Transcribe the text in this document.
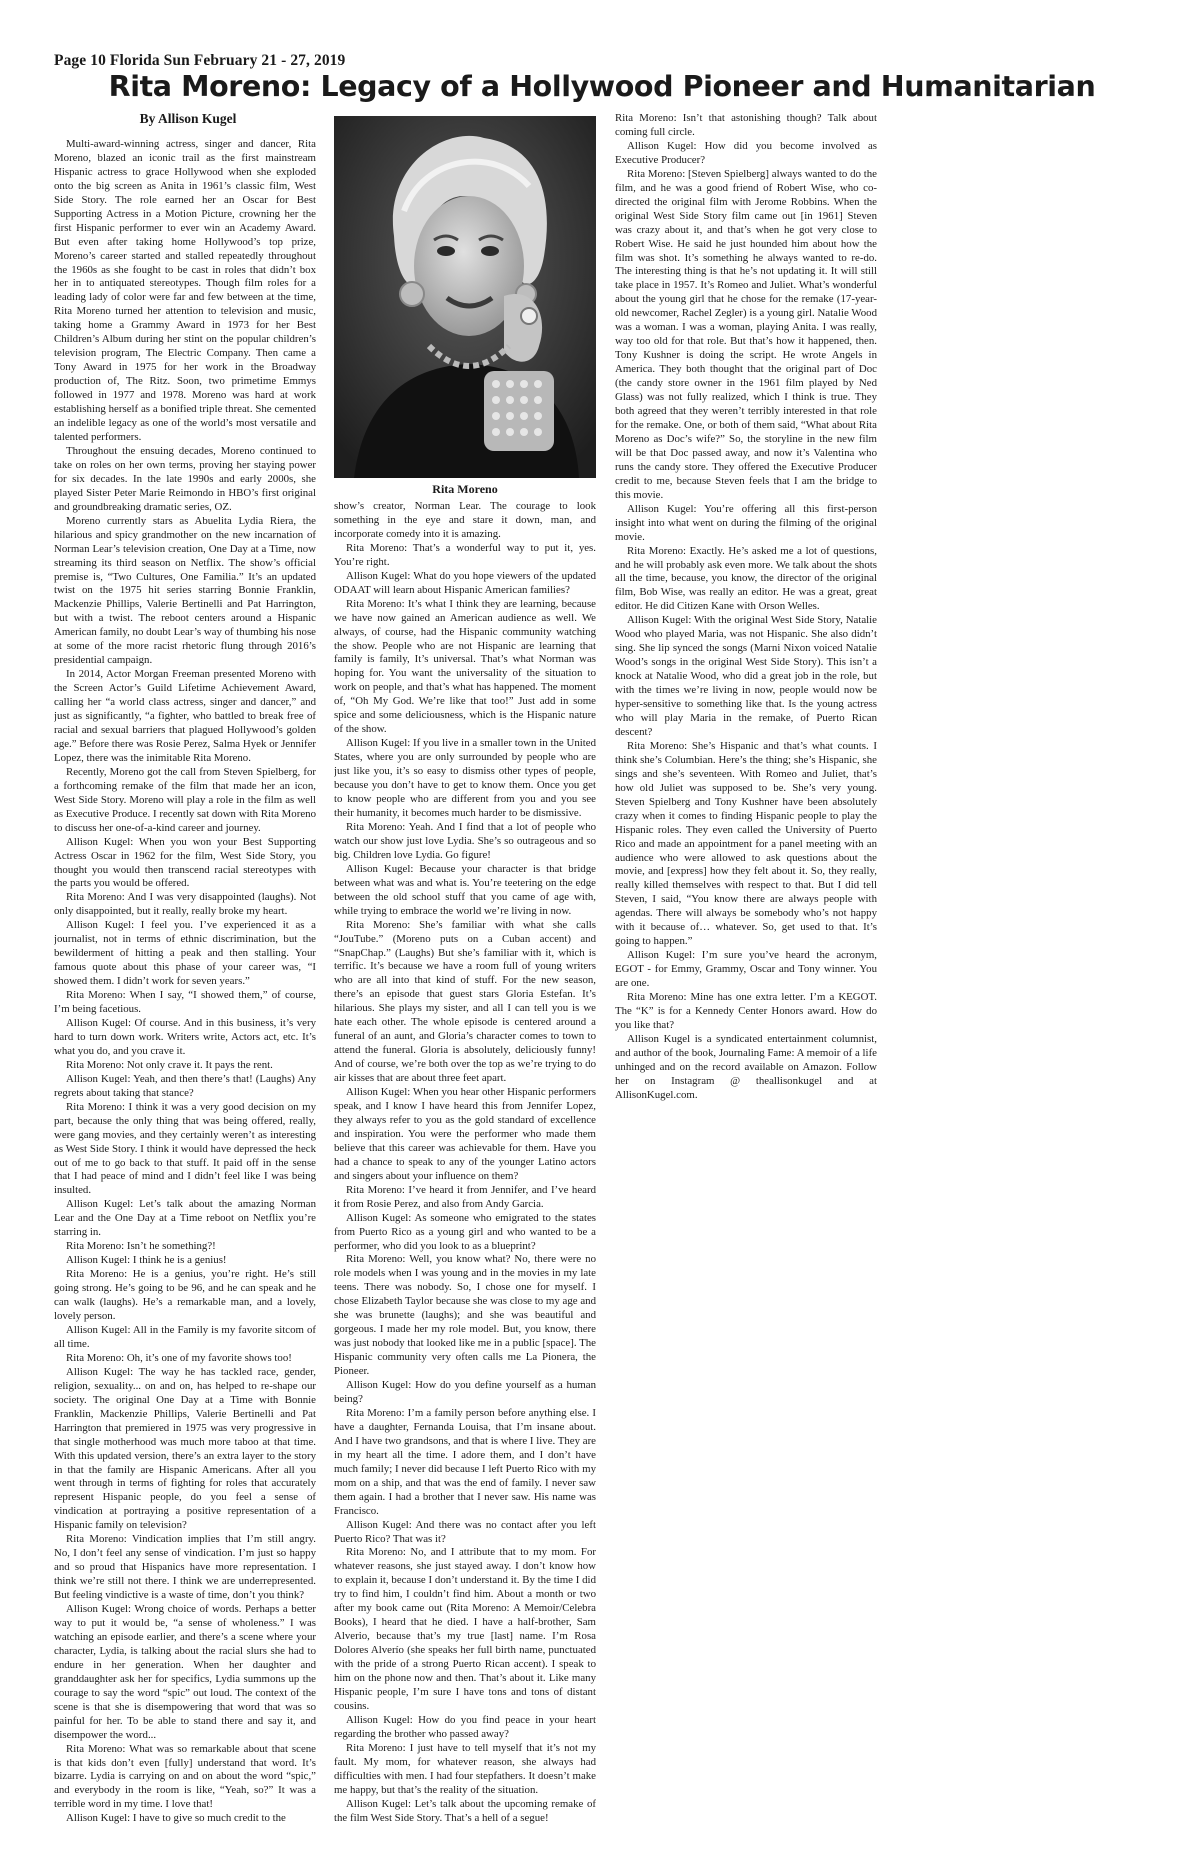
Page 10 Florida Sun February 21 - 27, 2019
Rita Moreno: Legacy of a Hollywood Pioneer and Humanitarian
Rita Moreno
By Allison Kugel

Multi-award-winning actress, singer and dancer, Rita Moreno, blazed an iconic trail as the first mainstream Hispanic actress to grace Hollywood when she exploded onto the big screen as Anita in 1961’s classic film, West Side Story. The role earned her an Oscar for Best Supporting Actress in a Motion Picture, crowning her the first Hispanic performer to ever win an Academy Award. But even after taking home Hollywood’s top prize, Moreno’s career started and stalled repeatedly throughout the 1960s as she fought to be cast in roles that didn’t box her in to antiquated stereotypes. Though film roles for a leading lady of color were far and few between at the time, Rita Moreno turned her attention to television and music, taking home a Grammy Award in 1973 for her Best Children’s Album during her stint on the popular children’s television program, The Electric Company. Then came a Tony Award in 1975 for her work in the Broadway production of, The Ritz. Soon, two primetime Emmys followed in 1977 and 1978. Moreno was hard at work establishing herself as a bonified triple threat. She cemented an indelible legacy as one of the world’s most versatile and talented performers.

Throughout the ensuing decades, Moreno continued to take on roles on her own terms, proving her staying power for six decades. In the late 1990s and early 2000s, she played Sister Peter Marie Reimondo in HBO’s first original and groundbreaking dramatic series, OZ.

Moreno currently stars as Abuelita Lydia Riera, the hilarious and spicy grandmother on the new incarnation of Norman Lear’s television creation, One Day at a Time, now streaming its third season on Netflix. The show’s official premise is, “Two Cultures, One Familia.” It’s an updated twist on the 1975 hit series starring Bonnie Franklin, Mackenzie Phillips, Valerie Bertinelli and Pat Harrington, but with a twist. The reboot centers around a Hispanic American family, no doubt Lear’s way of thumbing his nose at some of the more racist rhetoric flung through 2016’s presidential campaign.

In 2014, Actor Morgan Freeman presented Moreno with the Screen Actor’s Guild Lifetime Achievement Award, calling her “a world class actress, singer and dancer,” and just as significantly, “a fighter, who battled to break free of racial and sexual barriers that plagued Hollywood’s golden age.” Before there was Rosie Perez, Salma Hyek or Jennifer Lopez, there was the inimitable Rita Moreno.

Recently, Moreno got the call from Steven Spielberg, for a forthcoming remake of the film that made her an icon, West Side Story. Moreno will play a role in the film as well as Executive Produce. I recently sat down with Rita Moreno to discuss her one-of-a-kind career and journey.

Allison Kugel: When you won your Best Supporting Actress Oscar in 1962 for the film, West Side Story, you thought you would then transcend racial stereotypes with the parts you would be offered.

Rita Moreno: And I was very disappointed (laughs). Not only disappointed, but it really, really broke my heart.

Allison Kugel: I feel you. I’ve experienced it as a journalist, not in terms of ethnic discrimination, but the bewilderment of hitting a peak and then stalling. Your famous quote about this phase of your career was, “I showed them. I didn’t work for seven years.”

Rita Moreno: When I say, “I showed them,” of course, I’m being facetious.

Allison Kugel: Of course. And in this business, it’s very hard to turn down work. Writers write, Actors act, etc. It’s what you do, and you crave it.

Rita Moreno: Not only crave it. It pays the rent.

Allison Kugel: Yeah, and then there’s that! (Laughs) Any regrets about taking that stance?

Rita Moreno: I think it was a very good decision on my part, because the only thing that was being offered, really, were gang movies, and they certainly weren’t as interesting as West Side Story. I think it would have depressed the heck out of me to go back to that stuff. It paid off in the sense that I had peace of mind and I didn’t feel like I was being insulted.

Allison Kugel: Let’s talk about the amazing Norman Lear and the One Day at a Time reboot on Netflix you’re starring in.

Rita Moreno: Isn’t he something?!

Allison Kugel: I think he is a genius!

Rita Moreno: He is a genius, you’re right. He’s still going strong. He’s going to be 96, and he can speak and he can walk (laughs). He’s a remarkable man, and a lovely, lovely person.

Allison Kugel: All in the Family is my favorite sitcom of all time.

Rita Moreno: Oh, it’s one of my favorite shows too!

Allison Kugel: The way he has tackled race, gender, religion, sexuality... on and on, has helped to re-shape our society. The original One Day at a Time with Bonnie Franklin, Mackenzie Phillips, Valerie Bertinelli and Pat Harrington that premiered in 1975 was very progressive in that single motherhood was much more taboo at that time. With this updated version, there’s an extra layer to the story in that the family are Hispanic Americans. After all you went through in terms of fighting for roles that accurately represent Hispanic people, do you feel a sense of vindication at portraying a positive representation of a Hispanic family on television?

Rita Moreno: Vindication implies that I’m still angry. No, I don’t feel any sense of vindication. I’m just so happy and so proud that Hispanics have more representation. I think we’re still not there. I think we are underrepresented. But feeling vindictive is a waste of time, don’t you think?

Allison Kugel: Wrong choice of words. Perhaps a better way to put it would be, “a sense of wholeness.” I was watching an episode earlier, and there’s a scene where your character, Lydia, is talking about the racial slurs she had to endure in her generation. When her daughter and granddaughter ask her for specifics, Lydia summons up the courage to say the word “spic” out loud. The context of the scene is that she is disempowering that word that was so painful for her. To be able to stand there and say it, and disempower the word...

Rita Moreno: What was so remarkable about that scene is that kids don’t even [fully] understand that word. It’s bizarre. Lydia is carrying on and on about the word “spic,” and everybody in the room is like, “Yeah, so?” It was a terrible word in my time. I love that!

Allison Kugel: I have to give so much credit to the

show’s creator, Norman Lear. The courage to look something in the eye and stare it down, man, and incorporate comedy into it is amazing.

Rita Moreno: That’s a wonderful way to put it, yes. You’re right.

Allison Kugel: What do you hope viewers of the updated ODAAT will learn about Hispanic American families?

Rita Moreno: It’s what I think they are learning, because we have now gained an American audience as well. We always, of course, had the Hispanic community watching the show. People who are not Hispanic are learning that family is family, It’s universal. That’s what Norman was hoping for. You want the universality of the situation to work on people, and that’s what has happened. The moment of, “Oh My God. We’re like that too!” Just add in some spice and some deliciousness, which is the Hispanic nature of the show.

Allison Kugel: If you live in a smaller town in the United States, where you are only surrounded by people who are just like you, it’s so easy to dismiss other types of people, because you don’t have to get to know them. Once you get to know people who are different from you and you see their humanity, it becomes much harder to be dismissive.

Rita Moreno: Yeah. And I find that a lot of people who watch our show just love Lydia. She’s so outrageous and so big. Children love Lydia. Go figure!

Allison Kugel: Because your character is that bridge between what was and what is. You’re teetering on the edge between the old school stuff that you came of age with, while trying to embrace the world we’re living in now.

Rita Moreno: She’s familiar with what she calls “JouTube.” (Moreno puts on a Cuban accent) and “SnapChap.” (Laughs) But she’s familiar with it, which is terrific. It’s because we have a room full of young writers who are all into that kind of stuff. For the new season, there’s an episode that guest stars Gloria Estefan. It’s hilarious. She plays my sister, and all I can tell you is we hate each other. The whole episode is centered around a funeral of an aunt, and Gloria’s character comes to town to attend the funeral. Gloria is absolutely, deliciously funny! And of course, we’re both over the top as we’re trying to do air kisses that are about three feet apart.

Allison Kugel: When you hear other Hispanic performers speak, and I know I have heard this from Jennifer Lopez, they always refer to you as the gold standard of excellence and inspiration. You were the performer who made them believe that this career was achievable for them. Have you had a chance to speak to any of the younger Latino actors and singers about your influence on them?

Rita Moreno: I’ve heard it from Jennifer, and I’ve heard it from Rosie Perez, and also from Andy Garcia.

Allison Kugel: As someone who emigrated to the states from Puerto Rico as a young girl and who wanted to be a performer, who did you look to as a blueprint?

Rita Moreno: Well, you know what? No, there were no role models when I was young and in the movies in my late teens. There was nobody. So, I chose one for myself. I chose Elizabeth Taylor because she was close to my age and she was brunette (laughs); and she was beautiful and gorgeous. I made her my role model. But, you know, there was just nobody that looked like me in a public [space]. The Hispanic community very often calls me La Pionera, the Pioneer.

Allison Kugel: How do you define yourself as a human being?

Rita Moreno: I’m a family person before anything else. I have a daughter, Fernanda Louisa, that I’m insane about. And I have two grandsons, and that is where I live. They are in my heart all the time. I adore them, and I don’t have much family; I never did because I left Puerto Rico with my mom on a ship, and that was the end of family. I never saw them again. I had a brother that I never saw. His name was Francisco.

Allison Kugel: And there was no contact after you left Puerto Rico? That was it?

Rita Moreno: No, and I attribute that to my mom. For whatever reasons, she just stayed away. I don’t know how to explain it, because I don’t understand it. By the time I did try to find him, I couldn’t find him. About a month or two after my book came out (Rita Moreno: A Memoir/Celebra Books), I heard that he died. I have a half-brother, Sam Alverio, because that’s my true [last] name. I’m Rosa Dolores Alverío (she speaks her full birth name, punctuated with the pride of a strong Puerto Rican accent). I speak to him on the phone now and then. That’s about it. Like many Hispanic people, I’m sure I have tons and tons of distant cousins.

Allison Kugel: How do you find peace in your heart regarding the brother who passed away?

Rita Moreno: I just have to tell myself that it’s not my fault. My mom, for whatever reason, she always had difficulties with men. I had four stepfathers. It doesn’t make me happy, but that’s the reality of the situation.

Allison Kugel: Let’s talk about the upcoming remake of the film West Side Story. That’s a hell of a segue!

Rita Moreno: Isn’t that astonishing though? Talk about coming full circle.

Allison Kugel: How did you become involved as Executive Producer?

Rita Moreno: [Steven Spielberg] always wanted to do the film, and he was a good friend of Robert Wise, who co-directed the original film with Jerome Robbins. When the original West Side Story film came out [in 1961] Steven was crazy about it, and that’s when he got very close to Robert Wise. He said he just hounded him about how the film was shot. It’s something he always wanted to re-do. The interesting thing is that he’s not updating it. It will still take place in 1957. It’s Romeo and Juliet. What’s wonderful about the young girl that he chose for the remake (17-year-old newcomer, Rachel Zegler) is a young girl. Natalie Wood was a woman. I was a woman, playing Anita. I was really, way too old for that role. But that’s how it happened, then. Tony Kushner is doing the script. He wrote Angels in America. They both thought that the original part of Doc (the candy store owner in the 1961 film played by Ned Glass) was not fully realized, which I think is true. They both agreed that they weren’t terribly interested in that role for the remake. One, or both of them said, “What about Rita Moreno as Doc’s wife?” So, the storyline in the new film will be that Doc passed away, and now it’s Valentina who runs the candy store. They offered the Executive Producer credit to me, because Steven feels that I am the bridge to this movie.

Allison Kugel: You’re offering all this first-person insight into what went on during the filming of the original movie.

Rita Moreno: Exactly. He’s asked me a lot of questions, and he will probably ask even more. We talk about the shots all the time, because, you know, the director of the original film, Bob Wise, was really an editor. He was a great, great editor. He did Citizen Kane with Orson Welles.

Allison Kugel: With the original West Side Story, Natalie Wood who played Maria, was not Hispanic. She also didn’t sing. She lip synced the songs (Marni Nixon voiced Natalie Wood’s songs in the original West Side Story). This isn’t a knock at Natalie Wood, who did a great job in the role, but with the times we’re living in now, people would now be hyper-sensitive to something like that. Is the young actress who will play Maria in the remake, of Puerto Rican descent?

Rita Moreno: She’s Hispanic and that’s what counts. I think she’s Columbian. Here’s the thing; she’s Hispanic, she sings and she’s seventeen. With Romeo and Juliet, that’s how old Juliet was supposed to be. She’s very young. Steven Spielberg and Tony Kushner have been absolutely crazy when it comes to finding Hispanic people to play the Hispanic roles. They even called the University of Puerto Rico and made an appointment for a panel meeting with an audience who were allowed to ask questions about the movie, and [express] how they felt about it. So, they really, really killed themselves with respect to that. But I did tell Steven, I said, “You know there are always people with agendas. There will always be somebody who’s not happy with it because of… whatever. So, get used to that. It’s going to happen.”

Allison Kugel: I’m sure you’ve heard the acronym, EGOT - for Emmy, Grammy, Oscar and Tony winner. You are one.

Rita Moreno: Mine has one extra letter. I’m a KEGOT. The “K” is for a Kennedy Center Honors award. How do you like that?

Allison Kugel is a syndicated entertainment columnist, and author of the book, Journaling Fame: A memoir of a life unhinged and on the record available on Amazon. Follow her on Instagram @ theallisonkugel and at AllisonKugel.com.
